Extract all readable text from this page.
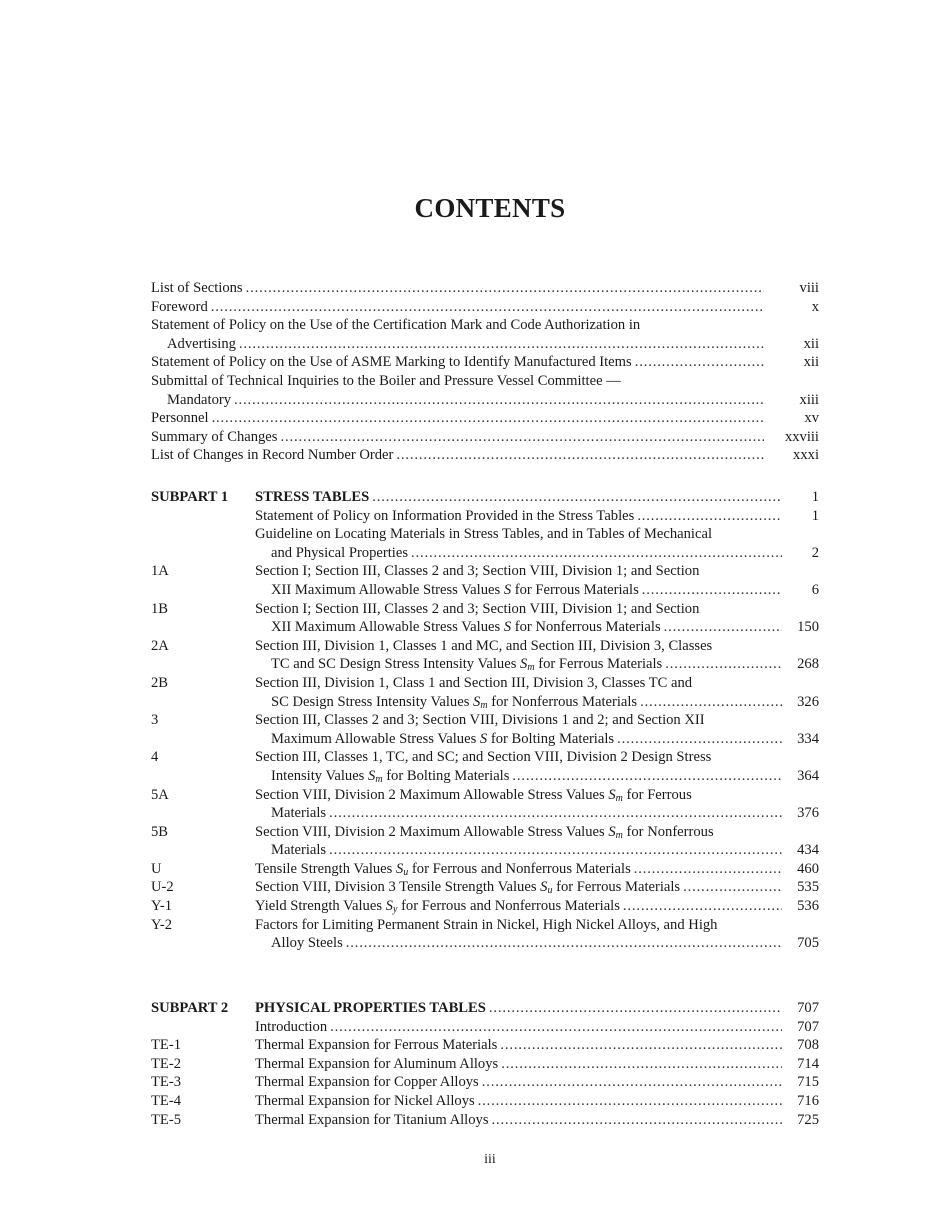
CONTENTS
List of Sections . . .	viii
Foreword . . .	x
Statement of Policy on the Use of the Certification Mark and Code Authorization in
Advertising . . .	xii
Statement of Policy on the Use of ASME Marking to Identify Manufactured Items . . .	xii
Submittal of Technical Inquiries to the Boiler and Pressure Vessel Committee —
Mandatory . . .	xiii
Personnel . . .	xv
Summary of Changes . . .	xxviii
List of Changes in Record Number Order . . .	xxxi
SUBPART 1 STRESS TABLES . . .	1
Statement of Policy on Information Provided in the Stress Tables . . .	1
Guideline on Locating Materials in Stress Tables, and in Tables of Mechanical
and Physical Properties . . .	2
1A	Section I; Section III, Classes 2 and 3; Section VIII, Division 1; and Section
XII Maximum Allowable Stress Values S for Ferrous Materials . . .	6
1B	Section I; Section III, Classes 2 and 3; Section VIII, Division 1; and Section
XII Maximum Allowable Stress Values S for Nonferrous Materials . . .	150
2A	Section III, Division 1, Classes 1 and MC, and Section III, Division 3, Classes
TC and SC Design Stress Intensity Values $S_m$ for Ferrous Materials . . .	268
2B	Section III, Division 1, Class 1 and Section III, Division 3, Classes TC and
SC Design Stress Intensity Values $S_m$ for Nonferrous Materials . . .	326
3	Section III, Classes 2 and 3; Section VIII, Divisions 1 and 2; and Section XII
Maximum Allowable Stress Values S for Bolting Materials . . .	334
4	Section III, Classes 1, TC, and SC; and Section VIII, Division 2 Design Stress
Intensity Values $S_m$ for Bolting Materials . . .	364
5A	Section VIII, Division 2 Maximum Allowable Stress Values $S_m$ for Ferrous
Materials . . .	376
5B	Section VIII, Division 2 Maximum Allowable Stress Values $S_m$ for Nonferrous
Materials . . .	434
U	Tensile Strength Values $S_u$ for Ferrous and Nonferrous Materials . . .	460
U-2	Section VIII, Division 3 Tensile Strength Values $S_u$ for Ferrous Materials . . .	535
Y-1	Yield Strength Values $S_y$ for Ferrous and Nonferrous Materials . . .	536
Y-2	Factors for Limiting Permanent Strain in Nickel, High Nickel Alloys, and High
Alloy Steels . . .	705
SUBPART 2 PHYSICAL PROPERTIES TABLES . . .	707
Introduction . . .	707
TE-1	Thermal Expansion for Ferrous Materials . . .	708
TE-2	Thermal Expansion for Aluminum Alloys . . .	714
TE-3	Thermal Expansion for Copper Alloys . . .	715
TE-4	Thermal Expansion for Nickel Alloys . . .	716
TE-5	Thermal Expansion for Titanium Alloys . . .	725
iii
